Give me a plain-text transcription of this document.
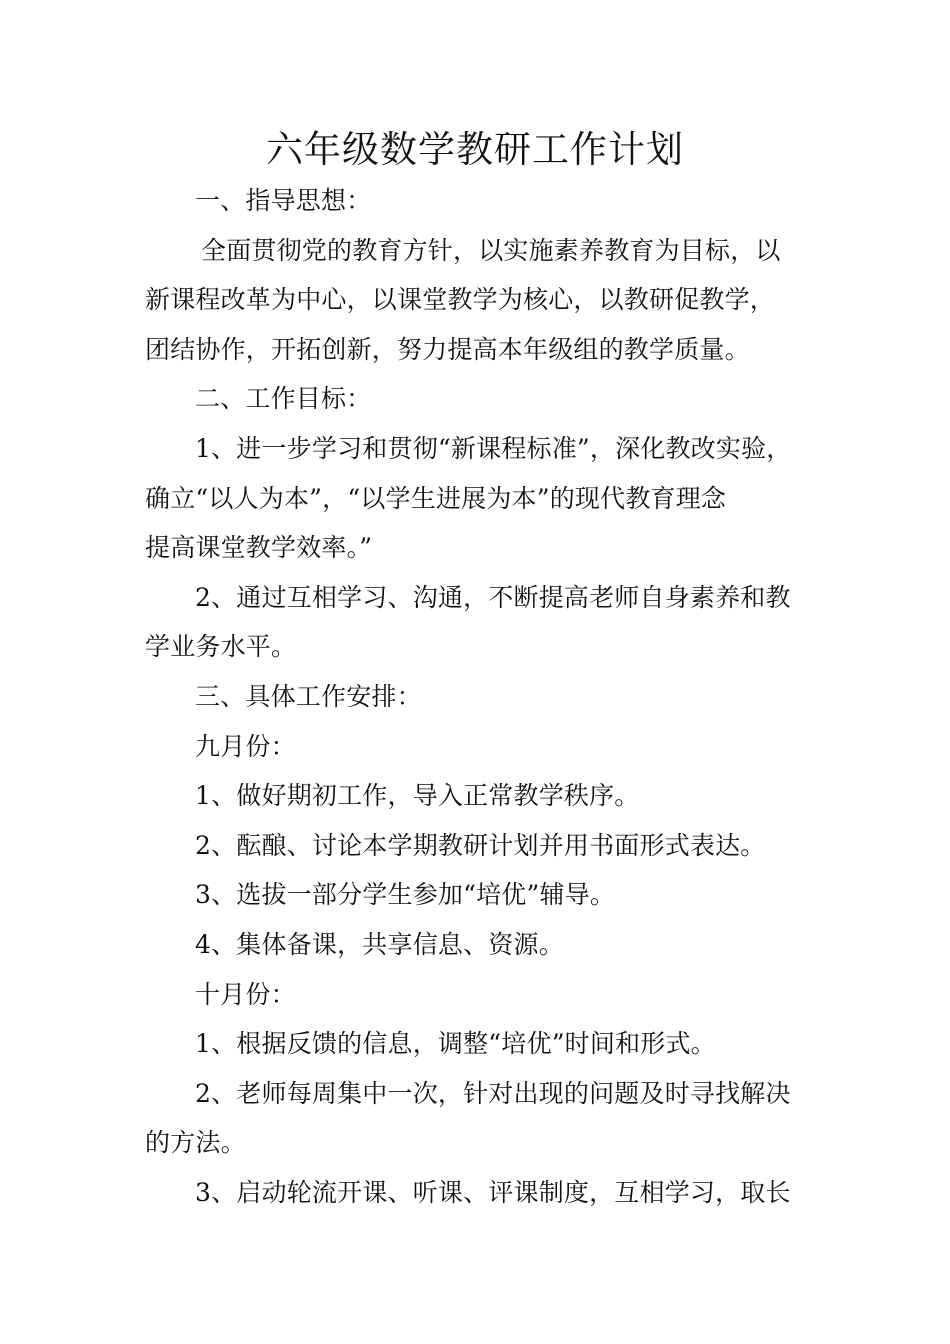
六年级数学教研工作计划

一、指导思想：

全面贯彻党的教育方针，以实施素养教育为目标，以

新课程改革为中心，以课堂教学为核心，以教研促教学，

团结协作，开拓创新，努力提高本年级组的教学质量。

二、工作目标：

1、进一步学习和贯彻“新课程标准”，深化教改实验，

确立“以人为本”，“以学生进展为本”的现代教育理念

提高课堂教学效率。”

2、通过互相学习、沟通，不断提高老师自身素养和教

学业务水平。

三、具体工作安排：

九月份：

1、做好期初工作，导入正常教学秩序。

2、酝酿、讨论本学期教研计划并用书面形式表达。

3、选拔一部分学生参加“培优”辅导。

4、集体备课，共享信息、资源。

十月份：

1、根据反馈的信息，调整“培优”时间和形式。

2、老师每周集中一次，针对出现的问题及时寻找解决

的方法。

3、启动轮流开课、听课、评课制度，互相学习，取长
